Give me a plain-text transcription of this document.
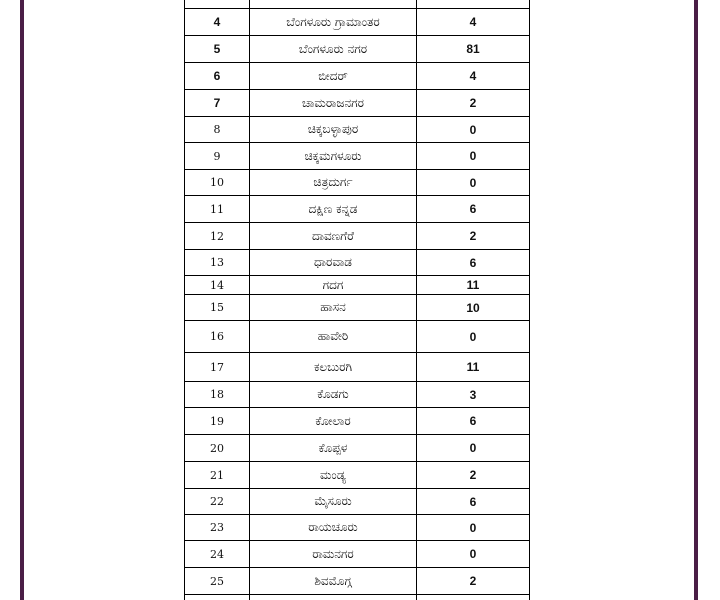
4	ಬೆಂಗಳೂರು ಗ್ರಾಮಾಂತರ	4
5	ಬೆಂಗಳೂರು ನಗರ	81
6	ಬೀದರ್	4
7	ಚಾಮರಾಜನಗರ	2
8	ಚಿಕ್ಕಬಳ್ಳಾಪುರ	0
9	ಚಿಕ್ಕಮಗಳೂರು	0
10	ಚಿತ್ರದುರ್ಗ	0
11	ದಕ್ಷಿಣ ಕನ್ನಡ	6
12	ದಾವಣಗೆರೆ	2
13	ಧಾರವಾಡ	6
14	ಗದಗ	11
15	ಹಾಸನ	10
16	ಹಾವೇರಿ	0
17	ಕಲಬುರಗಿ	11
18	ಕೊಡಗು	3
19	ಕೋಲಾರ	6
20	ಕೊಪ್ಪಳ	0
21	ಮಂಡ್ಯ	2
22	ಮೈಸೂರು	6
23	ರಾಯಚೂರು	0
24	ರಾಮನಗರ	0
25	ಶಿವಮೊಗ್ಗ	2
